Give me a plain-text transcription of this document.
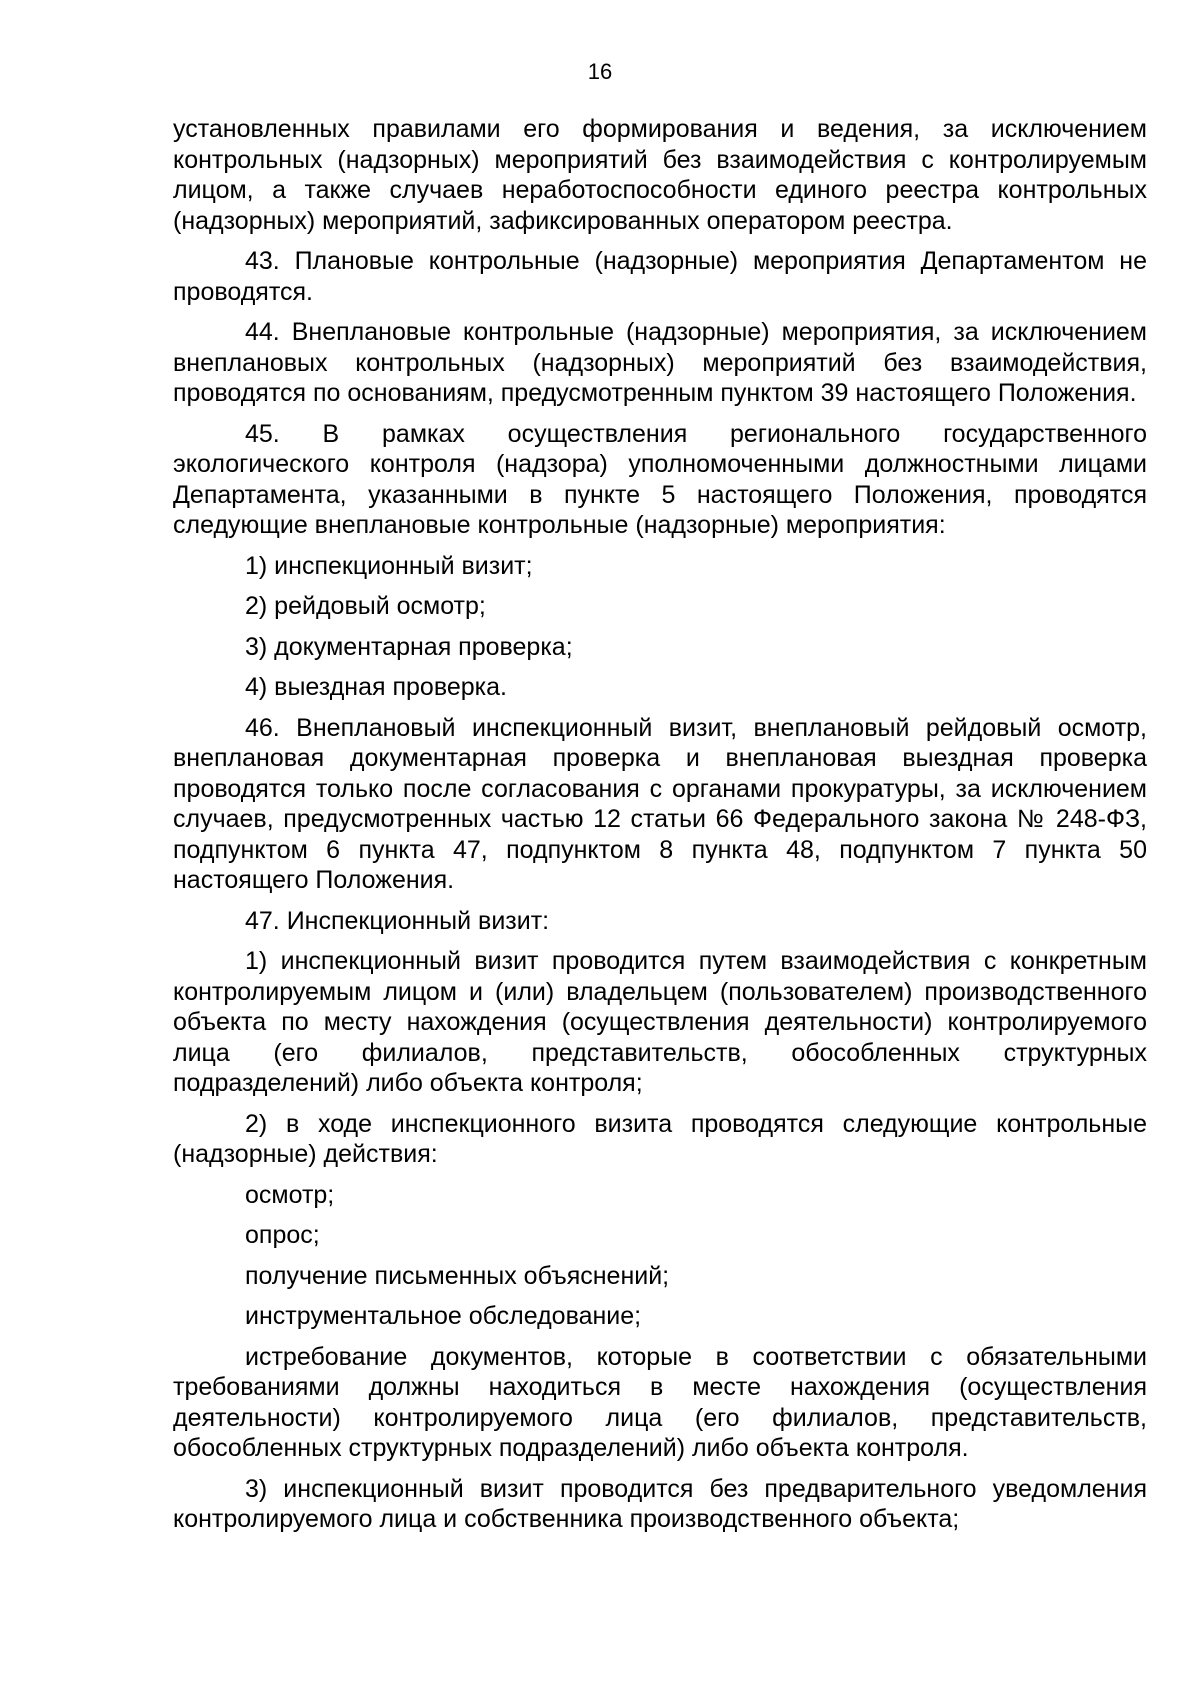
16

установленных правилами его формирования и ведения, за исключением контрольных (надзорных) мероприятий без взаимодействия с контролируемым лицом, а также случаев неработоспособности единого реестра контрольных (надзорных) мероприятий, зафиксированных оператором реестра.

43. Плановые контрольные (надзорные) мероприятия Департаментом не проводятся.

44. Внеплановые контрольные (надзорные) мероприятия, за исключением внеплановых контрольных (надзорных) мероприятий без взаимодействия, проводятся по основаниям, предусмотренным пунктом 39 настоящего Положения.

45. В рамках осуществления регионального государственного экологического контроля (надзора) уполномоченными должностными лицами Департамента, указанными в пункте 5 настоящего Положения, проводятся следующие внеплановые контрольные (надзорные) мероприятия:

1) инспекционный визит;

2) рейдовый осмотр;

3) документарная проверка;

4) выездная проверка.

46. Внеплановый инспекционный визит, внеплановый рейдовый осмотр, внеплановая документарная проверка и внеплановая выездная проверка проводятся только после согласования с органами прокуратуры, за исключением случаев, предусмотренных частью 12 статьи 66 Федерального закона № 248-ФЗ, подпунктом 6 пункта 47, подпунктом 8 пункта 48, подпунктом 7 пункта 50 настоящего Положения.

47. Инспекционный визит:

1) инспекционный визит проводится путем взаимодействия с конкретным контролируемым лицом и (или) владельцем (пользователем) производственного объекта по месту нахождения (осуществления деятельности) контролируемого лица (его филиалов, представительств, обособленных структурных подразделений) либо объекта контроля;

2) в ходе инспекционного визита проводятся следующие контрольные (надзорные) действия:

осмотр;

опрос;

получение письменных объяснений;

инструментальное обследование;

истребование документов, которые в соответствии с обязательными требованиями должны находиться в месте нахождения (осуществления деятельности) контролируемого лица (его филиалов, представительств, обособленных структурных подразделений) либо объекта контроля.

3) инспекционный визит проводится без предварительного уведомления контролируемого лица и собственника производственного объекта;
